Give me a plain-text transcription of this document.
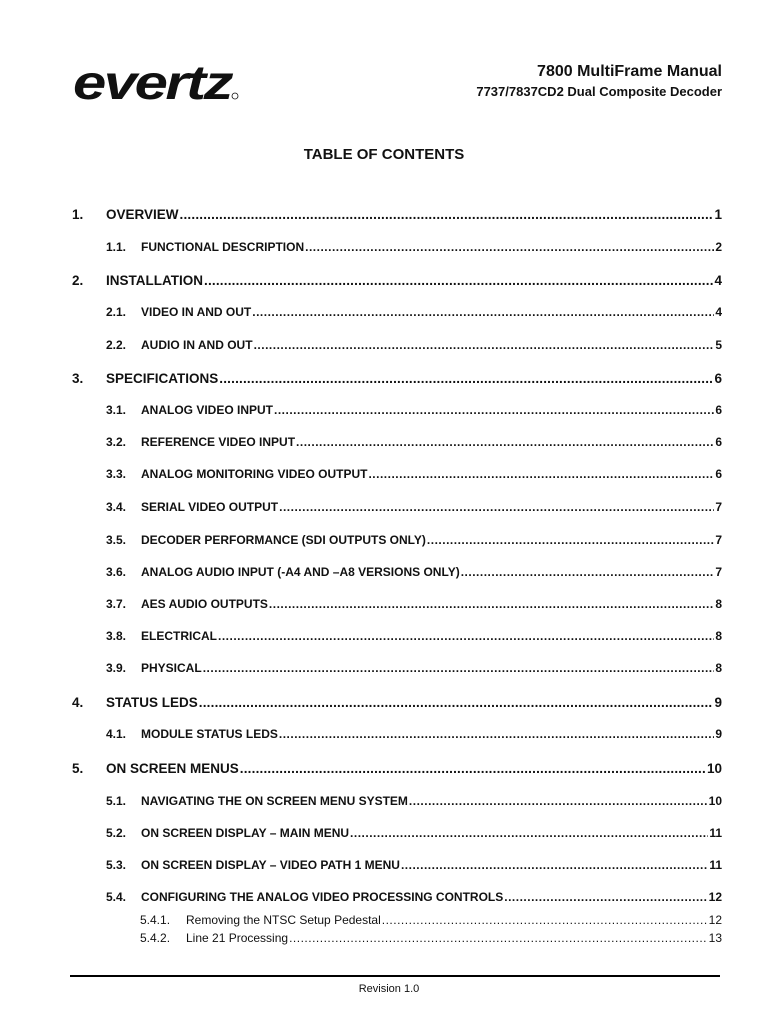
evertz	7800 MultiFrame Manual
7737/7837CD2 Dual Composite Decoder
TABLE OF CONTENTS
1.	OVERVIEW .....	1
1.1.	FUNCTIONAL DESCRIPTION .....	2
2.	INSTALLATION .....	4
2.1.	VIDEO IN AND OUT .....	4
2.2.	AUDIO IN AND OUT .....	5
3.	SPECIFICATIONS .....	6
3.1.	ANALOG VIDEO INPUT .....	6
3.2.	REFERENCE VIDEO INPUT .....	6
3.3.	ANALOG MONITORING VIDEO OUTPUT .....	6
3.4.	SERIAL VIDEO OUTPUT .....	7
3.5.	DECODER PERFORMANCE (SDI OUTPUTS ONLY) .....	7
3.6.	ANALOG AUDIO INPUT (-A4 AND –A8 VERSIONS ONLY) .....	7
3.7.	AES AUDIO OUTPUTS .....	8
3.8.	ELECTRICAL .....	8
3.9.	PHYSICAL .....	8
4.	STATUS LEDS .....	9
4.1.	MODULE STATUS LEDS .....	9
5.	ON SCREEN MENUS .....	10
5.1.	NAVIGATING THE ON SCREEN MENU SYSTEM .....	10
5.2.	ON SCREEN DISPLAY – MAIN MENU .....	11
5.3.	ON SCREEN DISPLAY – VIDEO PATH 1 MENU .....	11
5.4.	CONFIGURING THE ANALOG VIDEO PROCESSING CONTROLS .....	12
5.4.1.	Removing the NTSC Setup Pedestal .....	12
5.4.2.	Line 21 Processing .....	13
Revision 1.0
